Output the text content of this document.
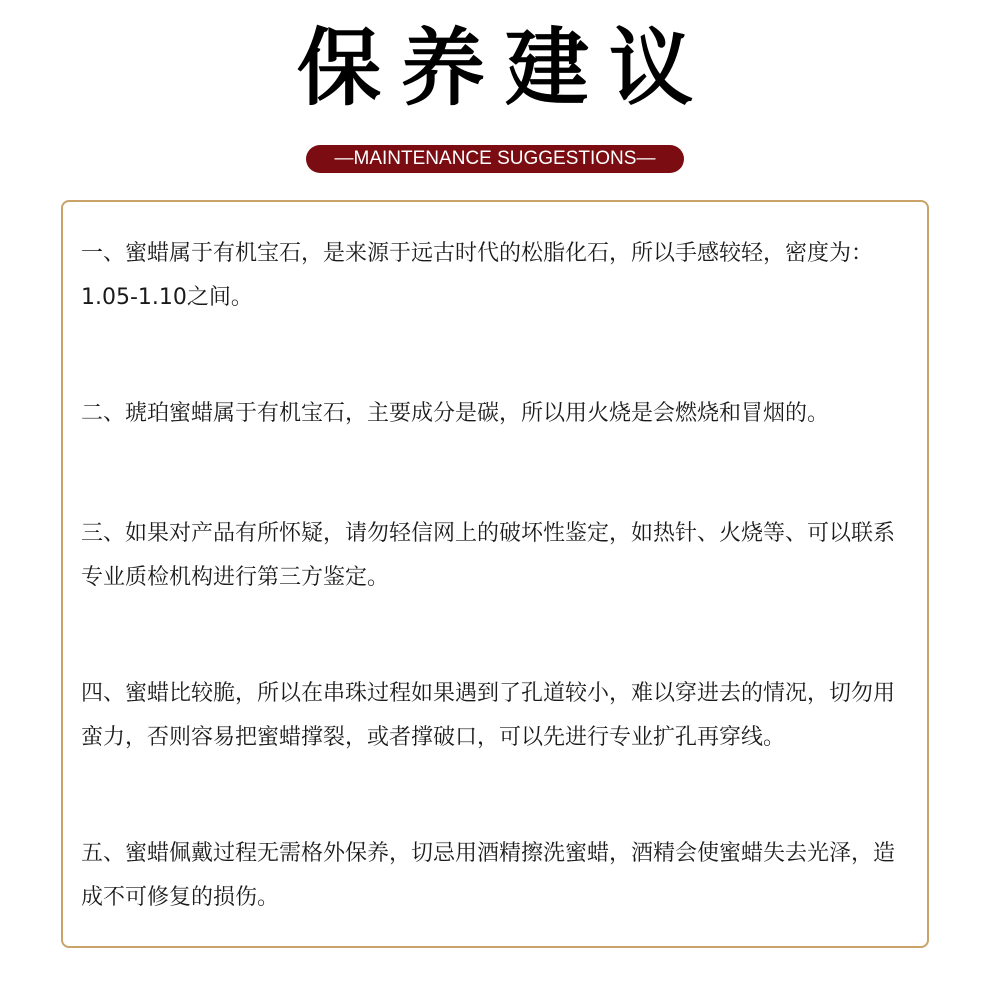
保养建议
—MAINTENANCE SUGGESTIONS—
一、蜜蜡属于有机宝石，是来源于远古时代的松脂化石，所以手感较轻，密度为：1.05-1.10之间。
二、琥珀蜜蜡属于有机宝石，主要成分是碳，所以用火烧是会燃烧和冒烟的。
三、如果对产品有所怀疑，请勿轻信网上的破坏性鉴定，如热针、火烧等、可以联系专业质检机构进行第三方鉴定。
四、蜜蜡比较脆，所以在串珠过程如果遇到了孔道较小，难以穿进去的情况，切勿用蛮力，否则容易把蜜蜡撑裂，或者撑破口，可以先进行专业扩孔再穿线。
五、蜜蜡佩戴过程无需格外保养，切忌用酒精擦洗蜜蜡，酒精会使蜜蜡失去光泽，造成不可修复的损伤。
